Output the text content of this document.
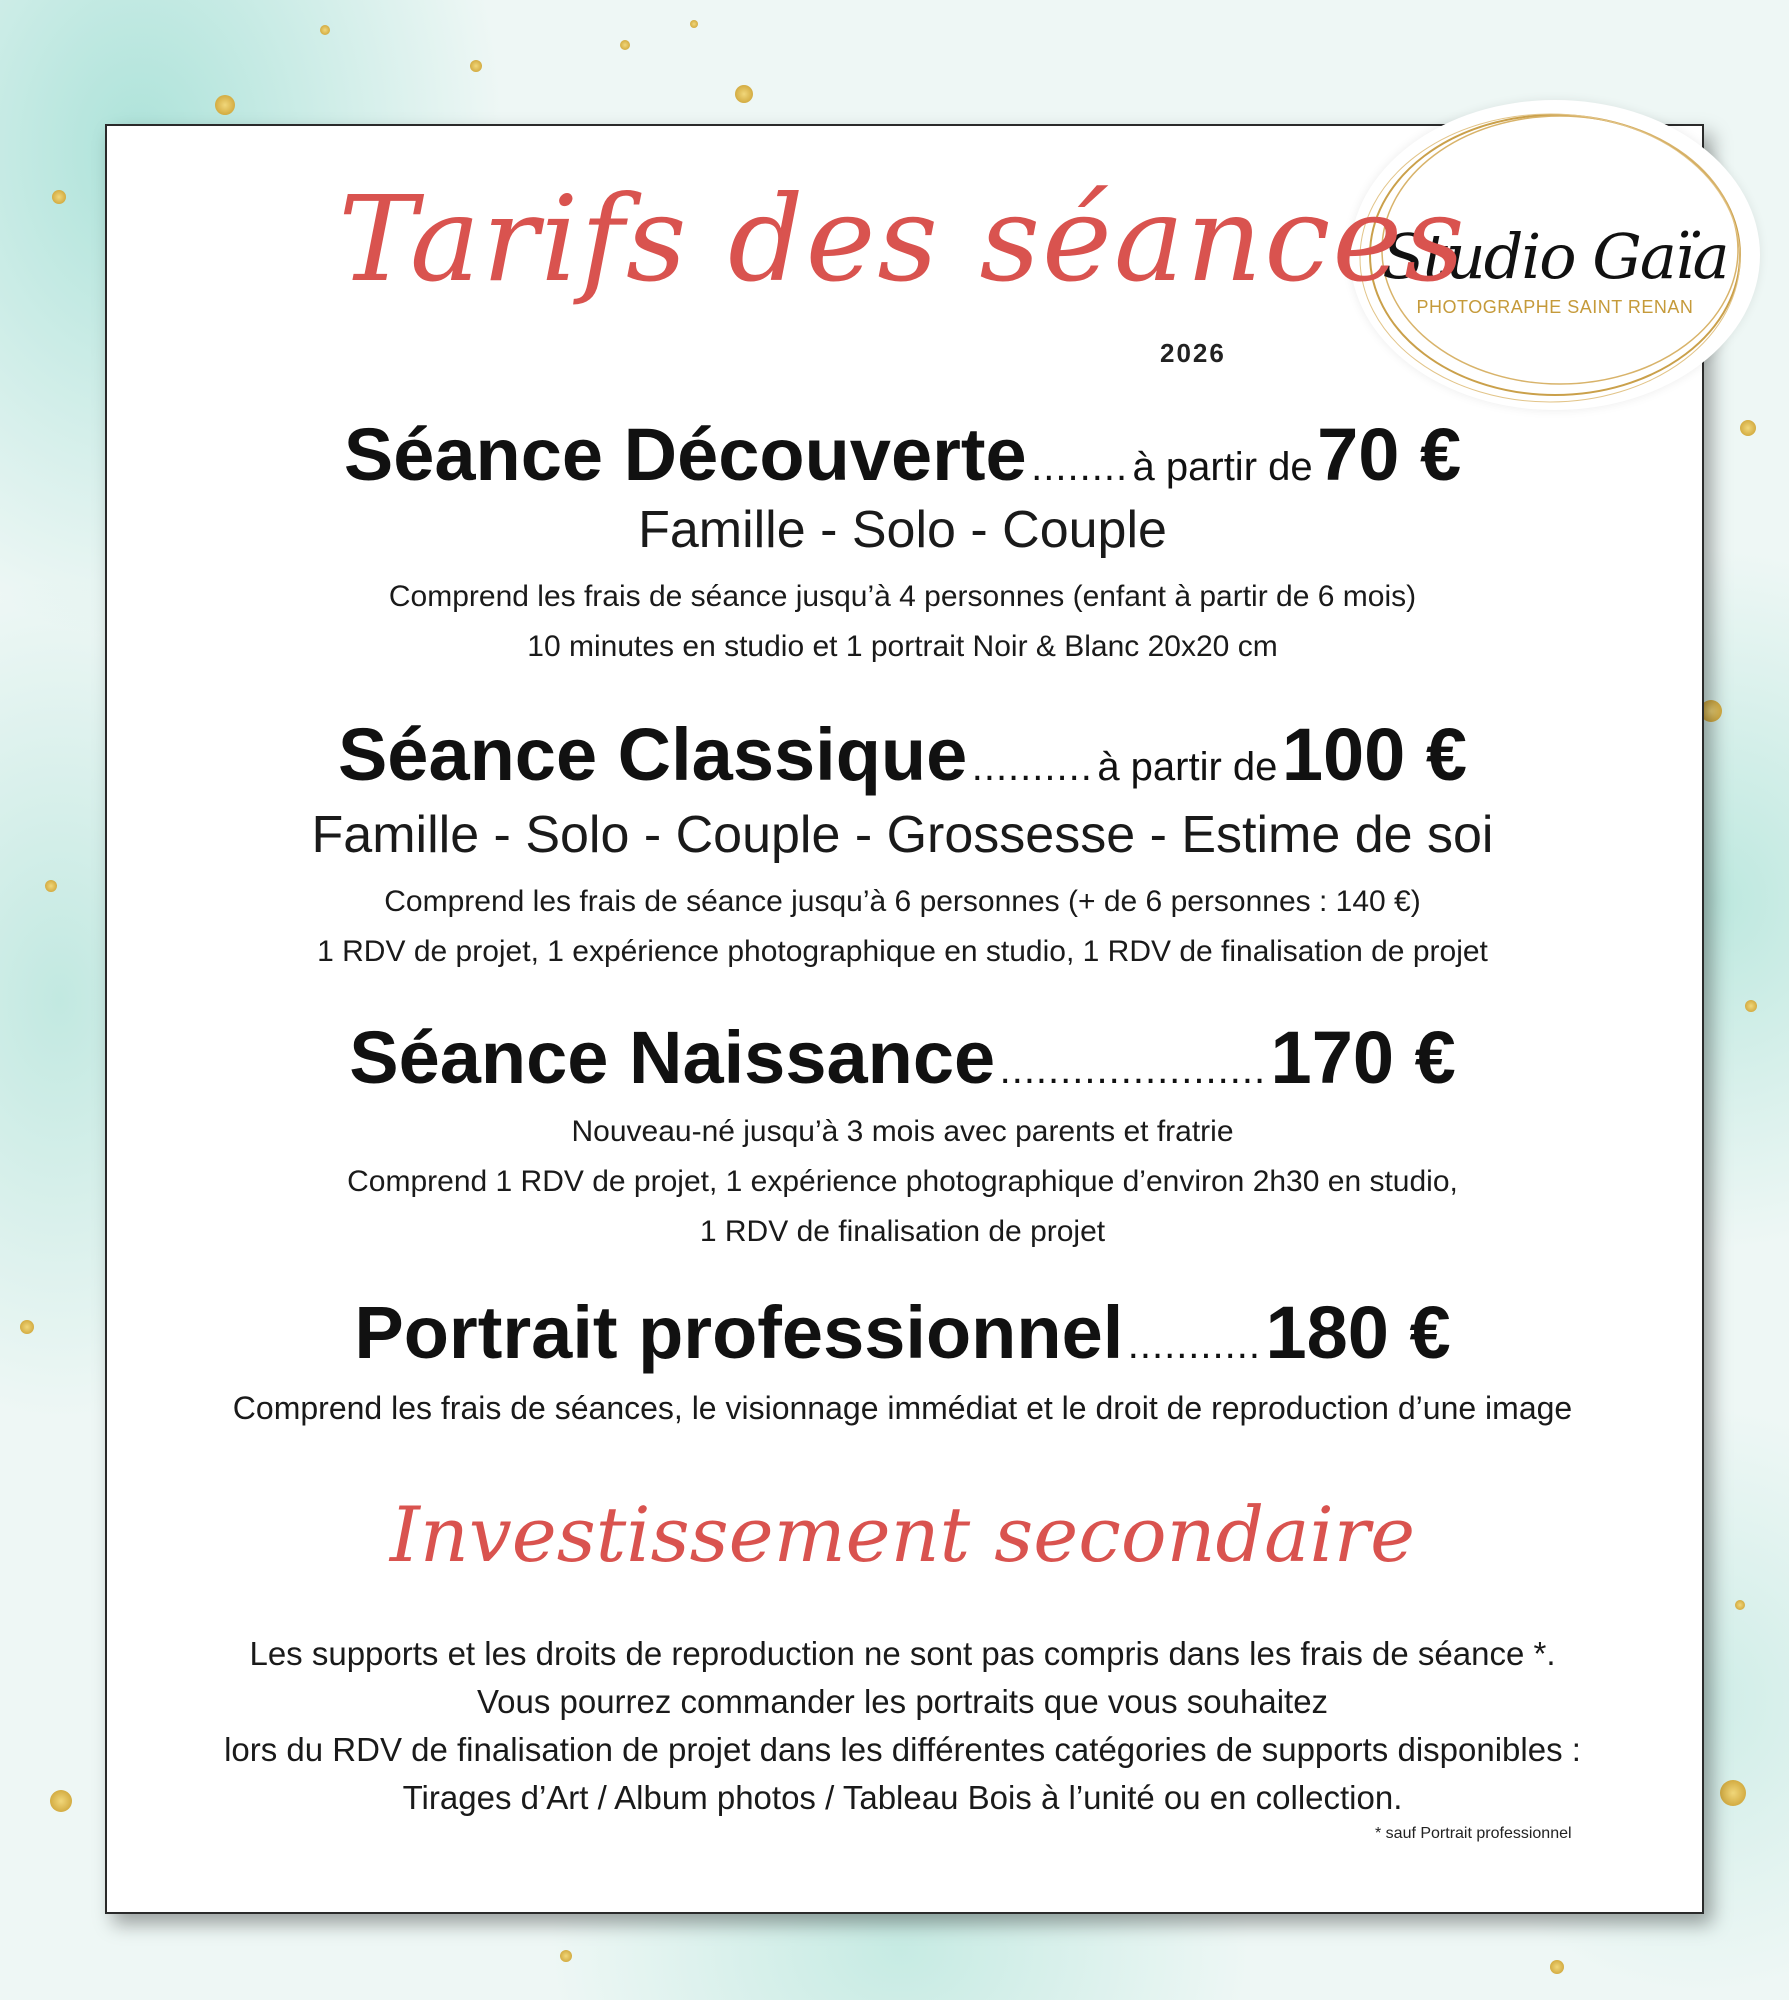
Studio Gaïa
PHOTOGRAPHE SAINT RENAN
Tarifs des séances
2026
Séance Découverte ........ à partir de 70 €
Famille - Solo - Couple
Comprend les frais de séance jusqu’à 4 personnes (enfant à partir de 6 mois)
10 minutes en studio et 1 portrait Noir & Blanc 20x20 cm
Séance Classique .......... à partir de 100 €
Famille - Solo - Couple - Grossesse - Estime de soi
Comprend les frais de séance jusqu’à 6 personnes (+ de 6 personnes : 140 €)
1 RDV de projet, 1 expérience photographique en studio, 1 RDV de finalisation de projet
Séance Naissance ...................... 170 €
Nouveau-né jusqu’à 3 mois avec parents et fratrie
Comprend 1 RDV de projet, 1 expérience photographique d’environ 2h30 en studio,
1 RDV de finalisation de projet
Portrait professionnel ........... 180 €
Comprend les frais de séances, le visionnage immédiat et le droit de reproduction d’une image
Investissement secondaire
Les supports et les droits de reproduction ne sont pas compris dans les frais de séance *.
Vous pourrez commander les portraits que vous souhaitez
lors du RDV de finalisation de projet dans les différentes catégories de supports disponibles :
Tirages d’Art / Album photos / Tableau Bois à l’unité ou en collection.
* sauf Portrait professionnel
